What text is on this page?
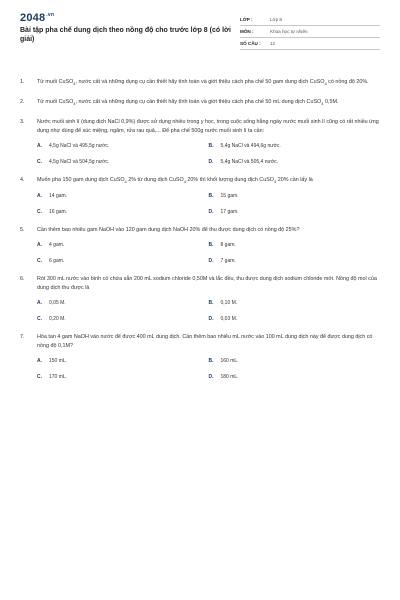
$2048^{.vn}$
Bài tập pha chế dung dịch theo nồng độ cho trước lớp 8 (có lời giải)
LỚP :	Lớp 8
MÔN :	Khoa học tự nhiên
SỐ CÂU :	12
1.	Từ muối CuSO$_4$, nước cất và những dụng cụ cần thiết hãy tính toán và giới thiệu cách pha chế 50 gam dung dịch CuSO$_4$ có nồng độ 20%.
2.	Từ muối CuSO$_4$, nước cất và những dụng cụ cần thiết hãy tính toán và giới thiệu cách pha chế 50 mL dung dịch CuSO$_4$ 0,5M.
3.	Nước muối sinh lí (dung dịch NaCl 0,9%) được sử dụng nhiều trong y học, trong cuộc sống hằng ngày nước muối sinh lí cũng có rất nhiều ứng dụng như dùng để súc miệng, ngâm, rửa rau quả,... Để pha chế 500g nước muối sinh lí ta cần:
A.	4,5g NaCl và 495,5g nước.	B.	5,4g NaCl và 494,6g nước.
C.	4,5g NaCl và 504,5g nước.	D.	5,4g NaCl và 505,4 nước.
4.	Muốn pha 150 gam dung dịch CuSO$_4$ 2% từ dung dịch CuSO$_4$ 20% thì khối lượng dung dịch CuSO$_4$ 20% cần lấy là
A.	14 gam.	B.	15 gam.
C.	16 gam.	D.	17 gam.
5.	Cần thêm bao nhiêu gam NaOH vào 120 gam dung dịch NaOH 20% để thu được dung dịch có nồng độ 25%?
A.	4 gam.	B.	8 gam.
C.	6 gam.	D.	7 gam.
6.	Rót 300 mL nước vào bình có chứa sẵn 200 mL sodium chloride 0,50M và lắc đều, thu được dung dịch sodium chloride mới. Nồng độ mol của dung dịch thu được là
A.	0,05 M.	B.	0,10 M.
C.	0,20 M.	D.	0,03 M.
7.	Hòa tan 4 gam NaOH vào nước để được 400 mL dung dịch. Cần thêm bao nhiêu mL nước vào 100 mL dung dịch này để được dung dịch có nồng độ 0,1M?
A.	150 mL.	B.	160 mL.
C.	170 mL.	D.	180 mL.
